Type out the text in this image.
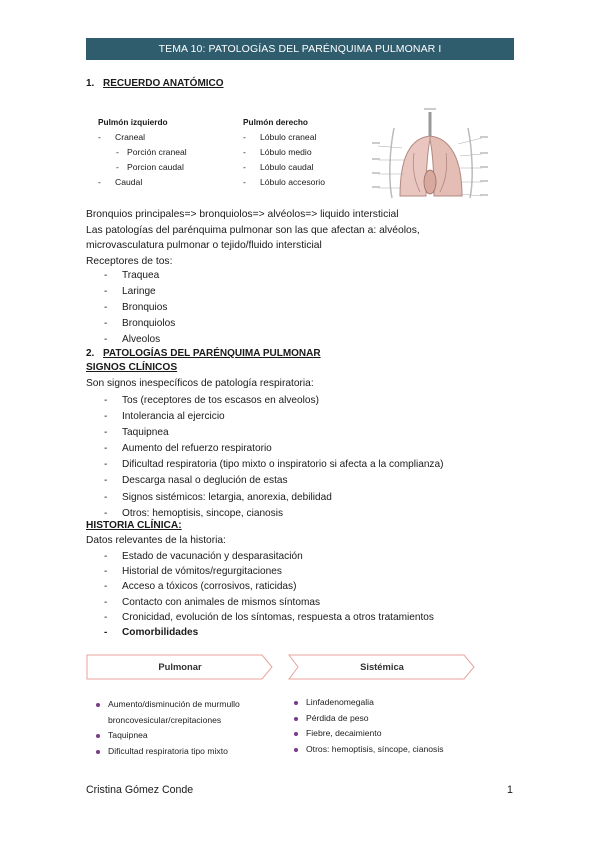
TEMA 10: PATOLOGÍAS DEL PARÉNQUIMA PULMONAR I
1. RECUERDO ANATÓMICO
Pulmón izquierdo
- Craneal
- Porción craneal
- Porcion caudal
- Caudal
Pulmón derecho
- Lóbulo craneal
- Lóbulo medio
- Lóbulo caudal
- Lóbulo accesorio
Bronquios principales=> bronquiolos=> alvéolos=> liquido intersticial
Las patologías del parénquima pulmonar son las que afectan a: alvéolos,
microvasculatura pulmonar o tejido/fluido intersticial
Receptores de tos:
- Traquea
- Laringe
- Bronquios
- Bronquiolos
- Alveolos
2. PATOLOGÍAS DEL PARÉNQUIMA PULMONAR
SIGNOS CLÍNICOS
Son signos inespecíficos de patología respiratoria:
- Tos (receptores de tos escasos en alveolos)
- Intolerancia al ejercicio
- Taquipnea
- Aumento del refuerzo respiratorio
- Dificultad respiratoria (tipo mixto o inspiratorio si afecta a la complianza)
- Descarga nasal o deglución de estas
- Signos sistémicos: letargia, anorexia, debilidad
- Otros: hemoptisis, sincope, cianosis
HISTORIA CLÍNICA:
Datos relevantes de la historia:
- Estado de vacunación y desparasitación
- Historial de vómitos/regurgitaciones
- Acceso a tóxicos (corrosivos, raticidas)
- Contacto con animales de mismos síntomas
- Cronicidad, evolución de los síntomas, respuesta a otros tratamientos
- Comorbilidades
Pulmonar	Sistémica
Aumento/disminución de murmullo
broncovesicular/crepitaciones
Taquipnea
Dificultad respiratoria tipo mixto
Linfadenomegalia
Pérdida de peso
Fiebre, decaimiento
Otros: hemoptisis, síncope, cianosis
Cristina Gómez Conde	1
